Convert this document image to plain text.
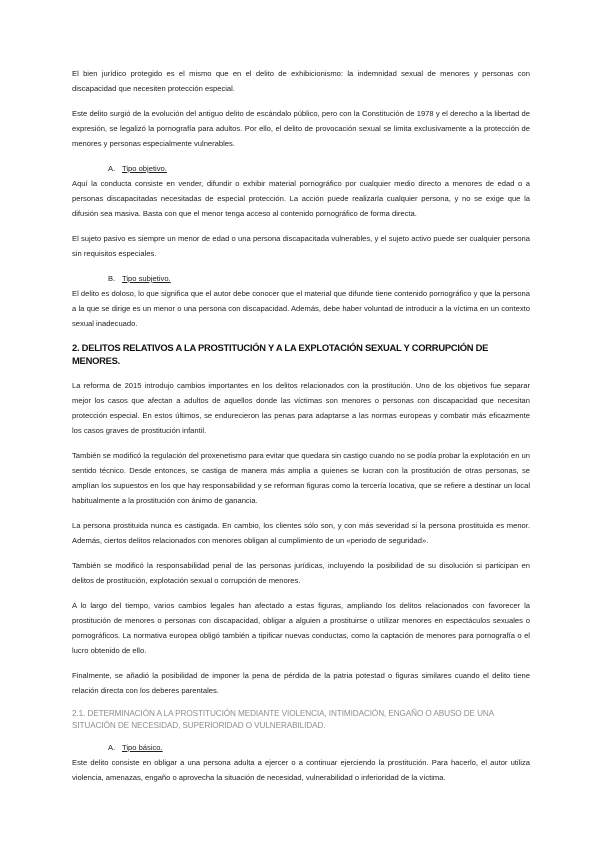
El bien jurídico protegido es el mismo que en el delito de exhibicionismo: la indemnidad sexual de menores y personas con discapacidad que necesiten protección especial.

Este delito surgió de la evolución del antiguo delito de escándalo público, pero con la Constitución de 1978 y el derecho a la libertad de expresión, se legalizó la pornografía para adultos. Por ello, el delito de provocación sexual se limita exclusivamente a la protección de menores y personas especialmente vulnerables.

A. Tipo objetivo.

Aquí la conducta consiste en vender, difundir o exhibir material pornográfico por cualquier medio directo a menores de edad o a personas discapacitadas necesitadas de especial protección. La acción puede realizarla cualquier persona, y no se exige que la difusión sea masiva. Basta con que el menor tenga acceso al contenido pornográfico de forma directa.

El sujeto pasivo es siempre un menor de edad o una persona discapacitada vulnerables, y el sujeto activo puede ser cualquier persona sin requisitos especiales.

B. Tipo subjetivo.

El delito es doloso, lo que significa que el autor debe conocer que el material que difunde tiene contenido pornográfico y que la persona a la que se dirige es un menor o una persona con discapacidad. Además, debe haber voluntad de introducir a la víctima en un contexto sexual inadecuado.

2. DELITOS RELATIVOS A LA PROSTITUCIÓN Y A LA EXPLOTACIÓN SEXUAL Y CORRUPCIÓN DE MENORES.

La reforma de 2015 introdujo cambios importantes en los delitos relacionados con la prostitución. Uno de los objetivos fue separar mejor los casos que afectan a adultos de aquellos donde las víctimas son menores o personas con discapacidad que necesitan protección especial. En estos últimos, se endurecieron las penas para adaptarse a las normas europeas y combatir más eficazmente los casos graves de prostitución infantil.

También se modificó la regulación del proxenetismo para evitar que quedara sin castigo cuando no se podía probar la explotación en un sentido técnico. Desde entonces, se castiga de manera más amplia a quienes se lucran con la prostitución de otras personas, se amplían los supuestos en los que hay responsabilidad y se reforman figuras como la tercería locativa, que se refiere a destinar un local habitualmente a la prostitución con ánimo de ganancia.

La persona prostituida nunca es castigada. En cambio, los clientes sólo son, y con más severidad si la persona prostituida es menor. Además, ciertos delitos relacionados con menores obligan al cumplimiento de un «periodo de seguridad».

También se modificó la responsabilidad penal de las personas jurídicas, incluyendo la posibilidad de su disolución si participan en delitos de prostitución, explotación sexual o corrupción de menores.

A lo largo del tiempo, varios cambios legales han afectado a estas figuras, ampliando los delitos relacionados con favorecer la prostitución de menores o personas con discapacidad, obligar a alguien a prostituirse o utilizar menores en espectáculos sexuales o pornográficos. La normativa europea obligó también a tipificar nuevas conductas, como la captación de menores para pornografía o el lucro obtenido de ello.

Finalmente, se añadió la posibilidad de imponer la pena de pérdida de la patria potestad o figuras similares cuando el delito tiene relación directa con los deberes parentales.

2.1. DETERMINACIÓN A LA PROSTITUCIÓN MEDIANTE VIOLENCIA, INTIMIDACIÓN, ENGAÑO O ABUSO DE UNA SITUACIÓN DE NECESIDAD, SUPERIORIDAD O VULNERABILIDAD.
A. Tipo básico.

Este delito consiste en obligar a una persona adulta a ejercer o a continuar ejerciendo la prostitución. Para hacerlo, el autor utiliza violencia, amenazas, engaño o aprovecha la situación de necesidad, vulnerabilidad o inferioridad de la víctima.
